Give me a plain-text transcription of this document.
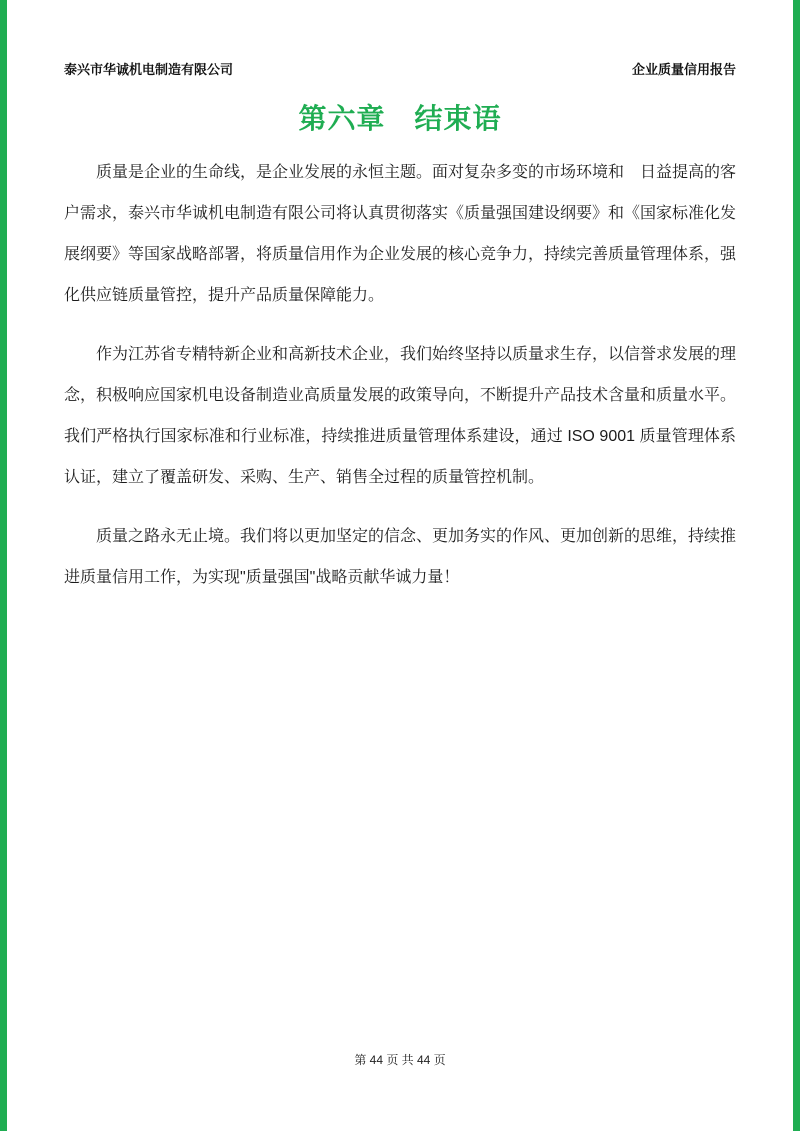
泰兴市华诚机电制造有限公司	企业质量信用报告
第六章　结束语

质量是企业的生命线，是企业发展的永恒主题。面对复杂多变的市场环境和　日益提高的客户需求，泰兴市华诚机电制造有限公司将认真贯彻落实《质量强国建设纲要》和《国家标准化发展纲要》等国家战略部署，将质量信用作为企业发展的核心竞争力，持续完善质量管理体系，强化供应链质量管控，提升产品质量保障能力。

作为江苏省专精特新企业和高新技术企业，我们始终坚持以质量求生存，以信誉求发展的理念，积极响应国家机电设备制造业高质量发展的政策导向，不断提升产品技术含量和质量水平。我们严格执行国家标准和行业标准，持续推进质量管理体系建设，通过 ISO 9001 质量管理体系认证，建立了覆盖研发、采购、生产、销售全过程的质量管控机制。

质量之路永无止境。我们将以更加坚定的信念、更加务实的作风、更加创新的思维，持续推进质量信用工作，为实现"质量强国"战略贡献华诚力量！

第 44 页 共 44 页
